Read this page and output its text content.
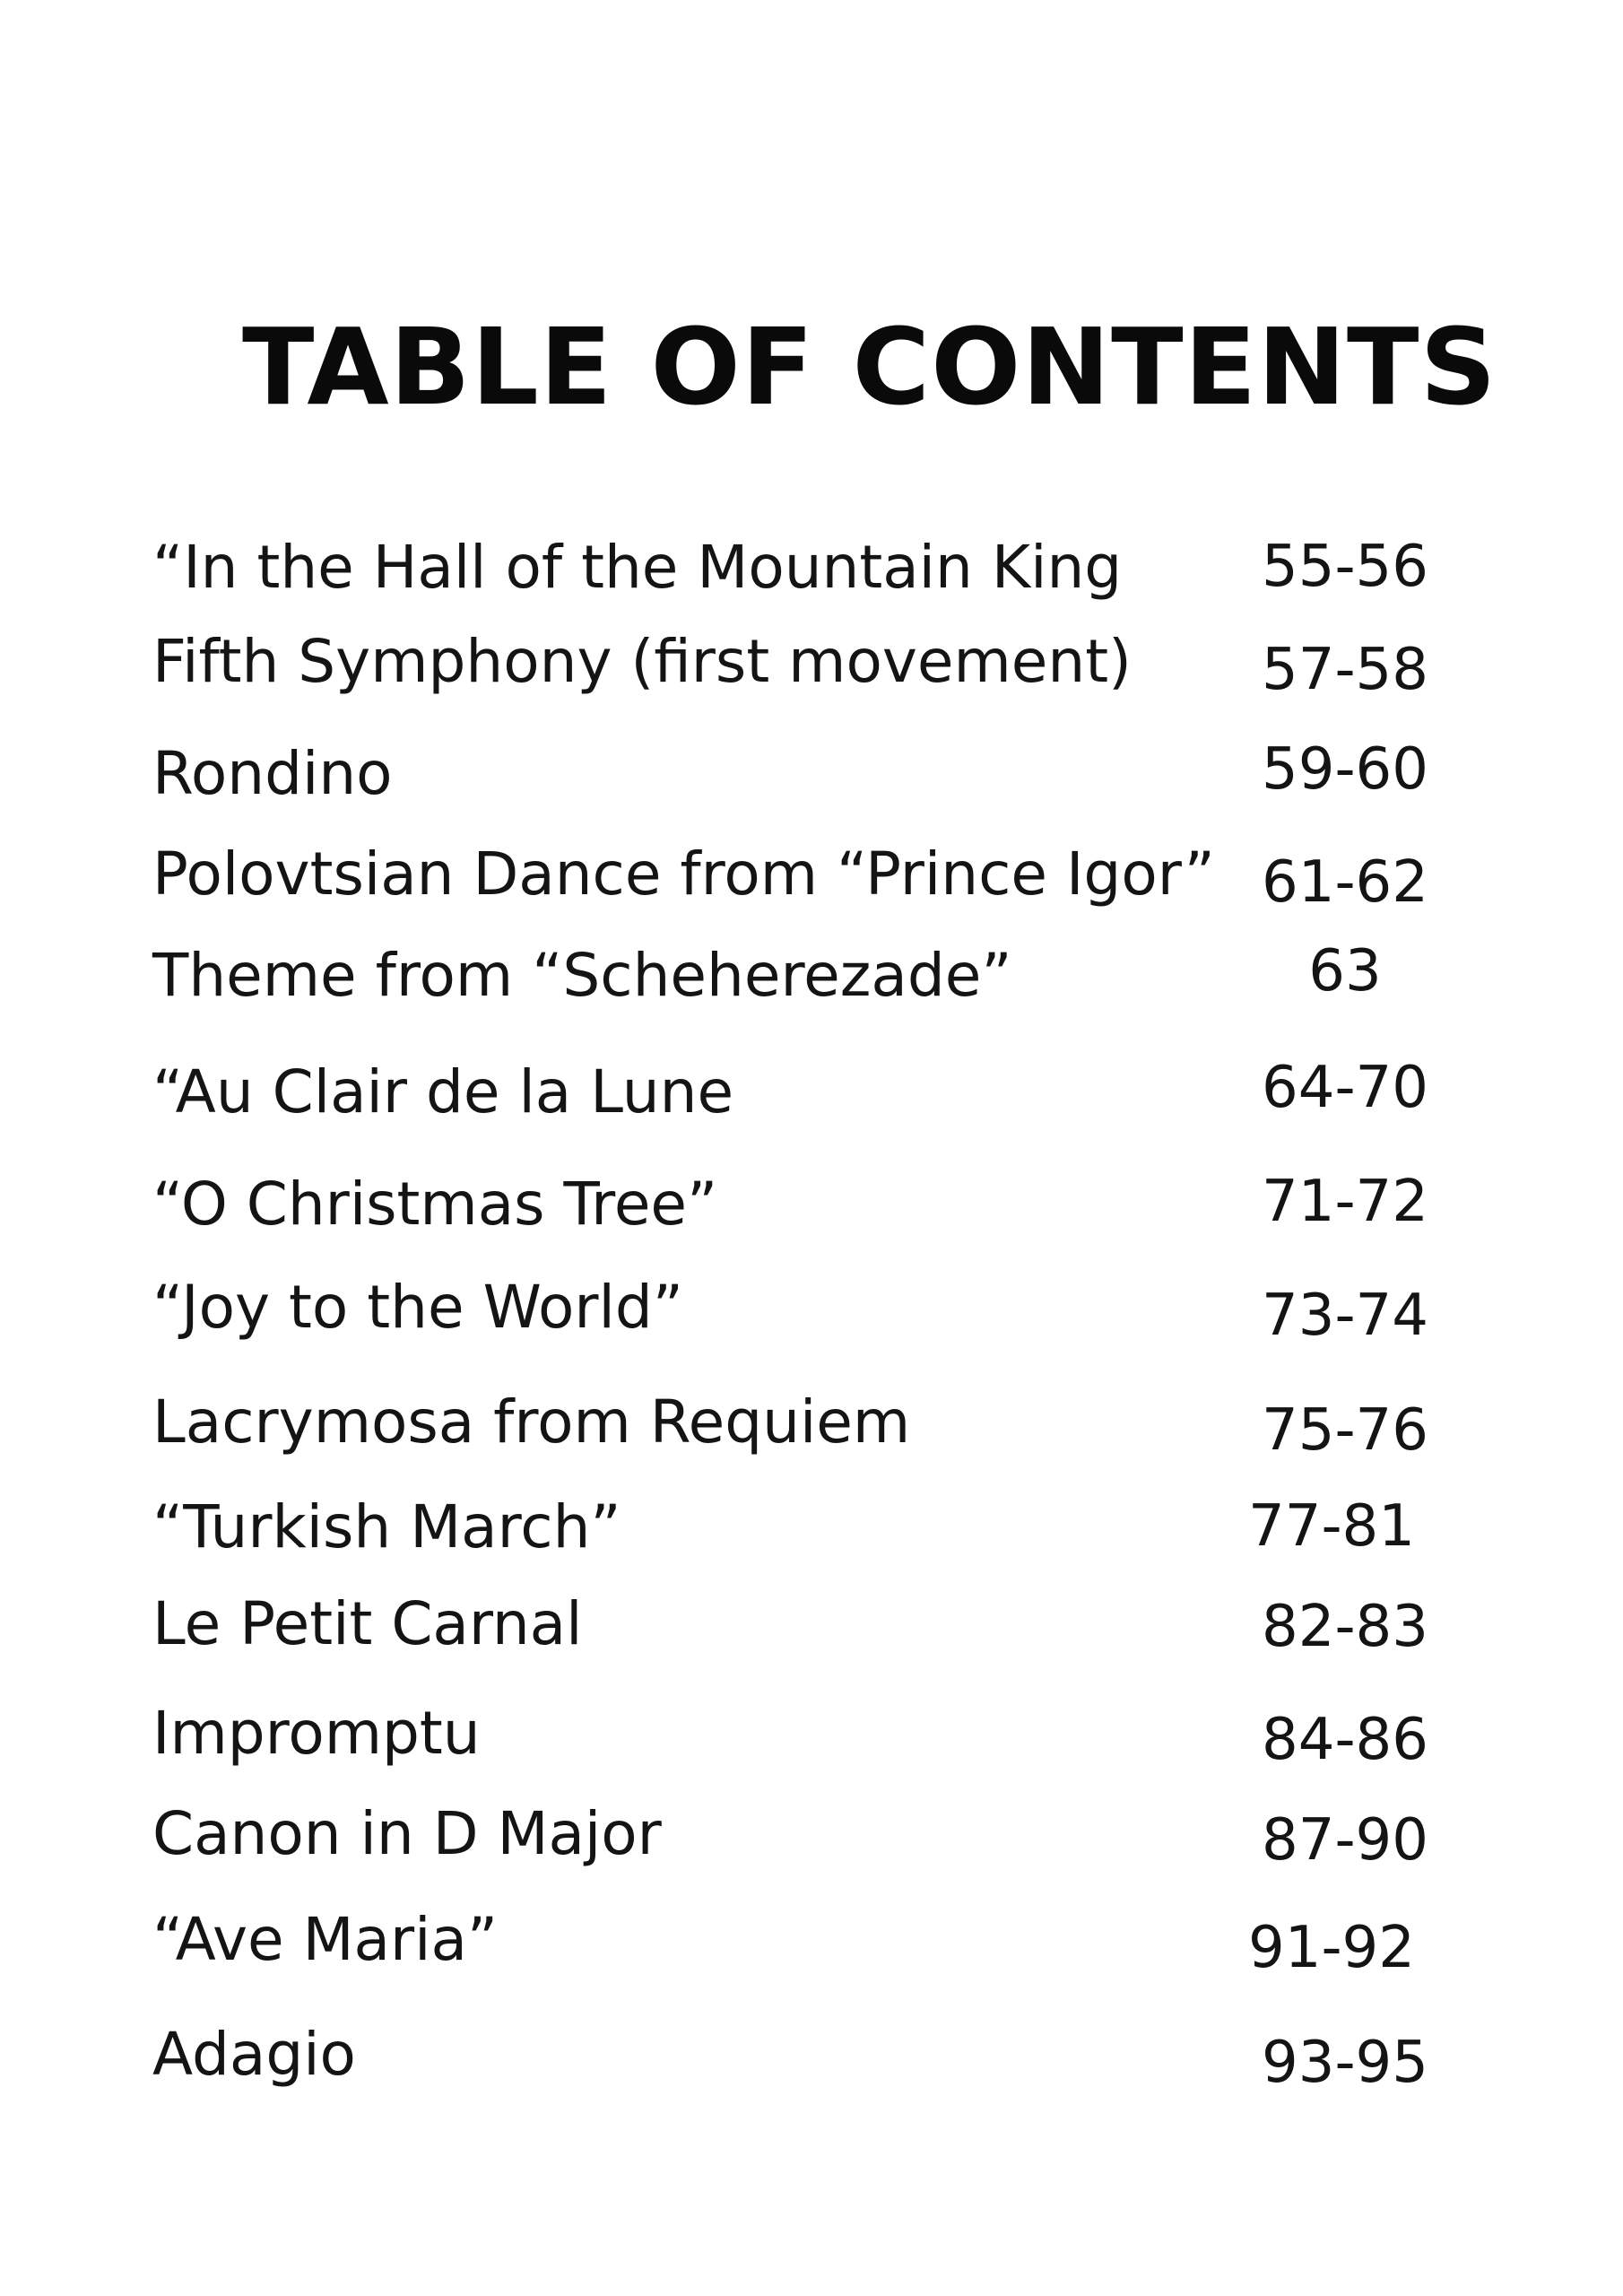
TABLE OF CONTENTS
“In the Hall of the Mountain King 55-56
Fifth Symphony (first movement) 57-58
Rondino	59-60
Polovtsian Dance from “Prince Igor” 61-62
Theme from “Scheherezade”	63
“Au Clair de la Lune	64-70
“O Christmas Tree”	71-72
“Joy to the World”	73-74
Lacrymosa from Requiem	75-76
“Turkish March”	77-81
Le Petit Carnal	82-83
Impromptu	84-86
Canon in D Major	87-90
“Ave Maria”	91-92
Adagio	93-95
